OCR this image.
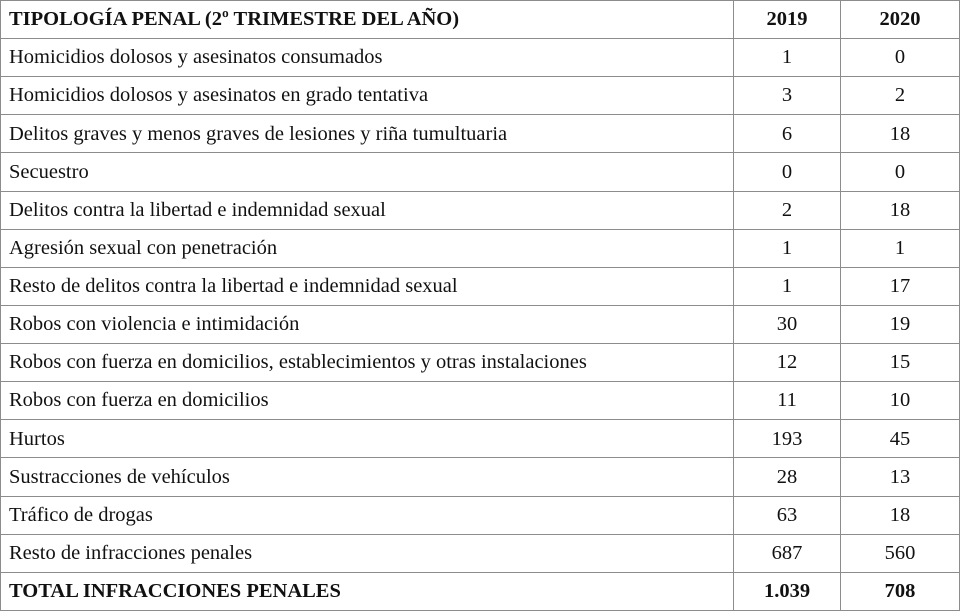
TIPOLOGÍA PENAL (2º TRIMESTRE DEL AÑO)	2019	2020
Homicidios dolosos y asesinatos consumados	1	0
Homicidios dolosos y asesinatos en grado tentativa	3	2
Delitos graves y menos graves de lesiones y riña tumultuaria	6	18
Secuestro	0	0
Delitos contra la libertad e indemnidad sexual	2	18
Agresión sexual con penetración	1	1
Resto de delitos contra la libertad e indemnidad sexual	1	17
Robos con violencia e intimidación	30	19
Robos con fuerza en domicilios, establecimientos y otras instalaciones	12	15
Robos con fuerza en domicilios	11	10
Hurtos	193	45
Sustracciones de vehículos	28	13
Tráfico de drogas	63	18
Resto de infracciones penales	687	560
TOTAL INFRACCIONES PENALES	1.039	708
